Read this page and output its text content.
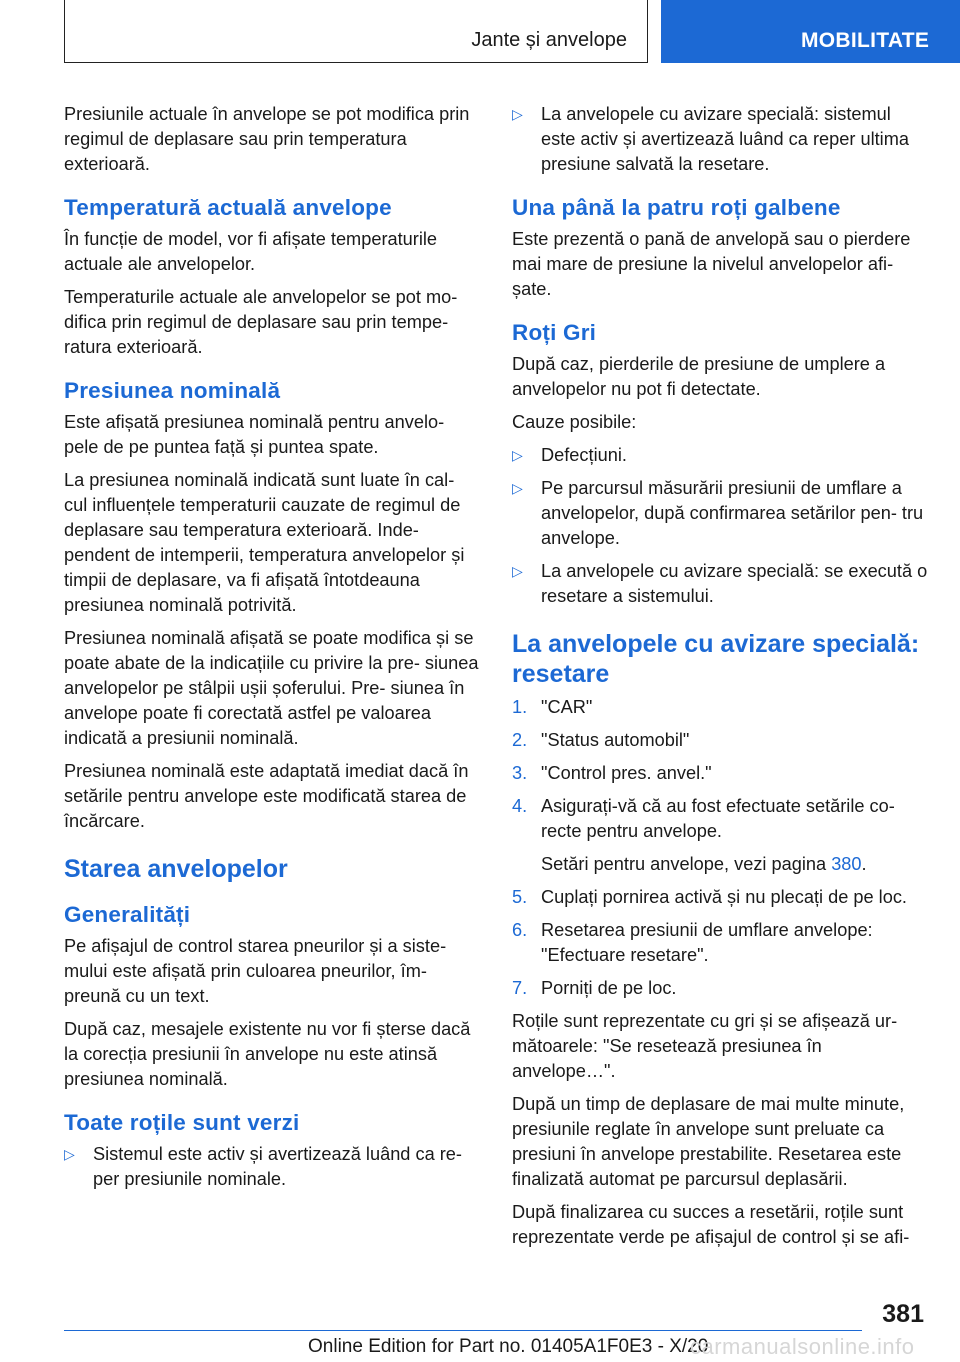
Jante și anvelope	MOBILITATE

Presiunile actuale în anvelope se pot modifica prin regimul de deplasare sau prin temperatura exterioară.

Temperatură actuală anvelope

În funcție de model, vor fi afișate temperaturile actuale ale anvelopelor.

Temperaturile actuale ale anvelopelor se pot mo‐ difica prin regimul de deplasare sau prin tempe‐ ratura exterioară.

Presiunea nominală

Este afișată presiunea nominală pentru anvelo‐ pele de pe puntea față și puntea spate.

La presiunea nominală indicată sunt luate în cal‐ cul influențele temperaturii cauzate de regimul de deplasare sau temperatura exterioară. Inde‐ pendent de intemperii, temperatura anvelopelor și timpii de deplasare, va fi afișată întotdeauna presiunea nominală potrivită.

Presiunea nominală afișată se poate modifica și se poate abate de la indicațiile cu privire la pre‐ siunea anvelopelor pe stâlpii ușii șoferului. Pre‐ siunea în anvelope poate fi corectată astfel pe valoarea indicată a presiunii nominală.

Presiunea nominală este adaptată imediat dacă în setările pentru anvelope este modificată starea de încărcare.

Starea anvelopelor
Generalități

Pe afișajul de control starea pneurilor și a siste‐ mului este afișată prin culoarea pneurilor, îm‐ preună cu un text.

După caz, mesajele existente nu vor fi șterse dacă la corecția presiunii în anvelope nu este atinsă presiunea nominală.

Toate roțile sunt verzi
▷	Sistemul este activ și avertizează luând ca re‐ per presiunile nominale.
▷	La anvelopele cu avizare specială: sistemul este activ și avertizează luând ca reper ultima presiune salvată la resetare.
Una până la patru roți galbene

Este prezentă o pană de anvelopă sau o pierdere mai mare de presiune la nivelul anvelopelor afi‐ șate.

Roți Gri

După caz, pierderile de presiune de umplere a anvelopelor nu pot fi detectate.

Cauze posibile:

▷	Defecțiuni.
▷	Pe parcursul măsurării presiunii de umflare a anvelopelor, după confirmarea setărilor pen‐ tru anvelope.
▷	La anvelopele cu avizare specială: se execută o resetare a sistemului.
La anvelopele cu avizare specială: resetare
1. "CAR"
2. "Status automobil"
3. "Control pres. anvel."
4. Asigurați-vă că au fost efectuate setările co‐ recte pentru anvelope.

Setări pentru anvelope, vezi pagina 380.

5. Cuplați pornirea activă și nu plecați de pe loc.
6. Resetarea presiunii de umflare anvelope: "Efectuare resetare".
7. Porniți de pe loc.

Roțile sunt reprezentate cu gri și se afișează ur‐ mătoarele: "Se resetează presiunea în anvelope…".

După un timp de deplasare de mai multe minute, presiunile reglate în anvelope sunt preluate ca presiuni în anvelope prestabilite. Resetarea este finalizată automat pe parcursul deplasării.

După finalizarea cu succes a resetării, roțile sunt reprezentate verde pe afișajul de control și se afi‐

381
Online Edition for Part no. 01405A1F0E3 - X/20
carmanualsonline.info
